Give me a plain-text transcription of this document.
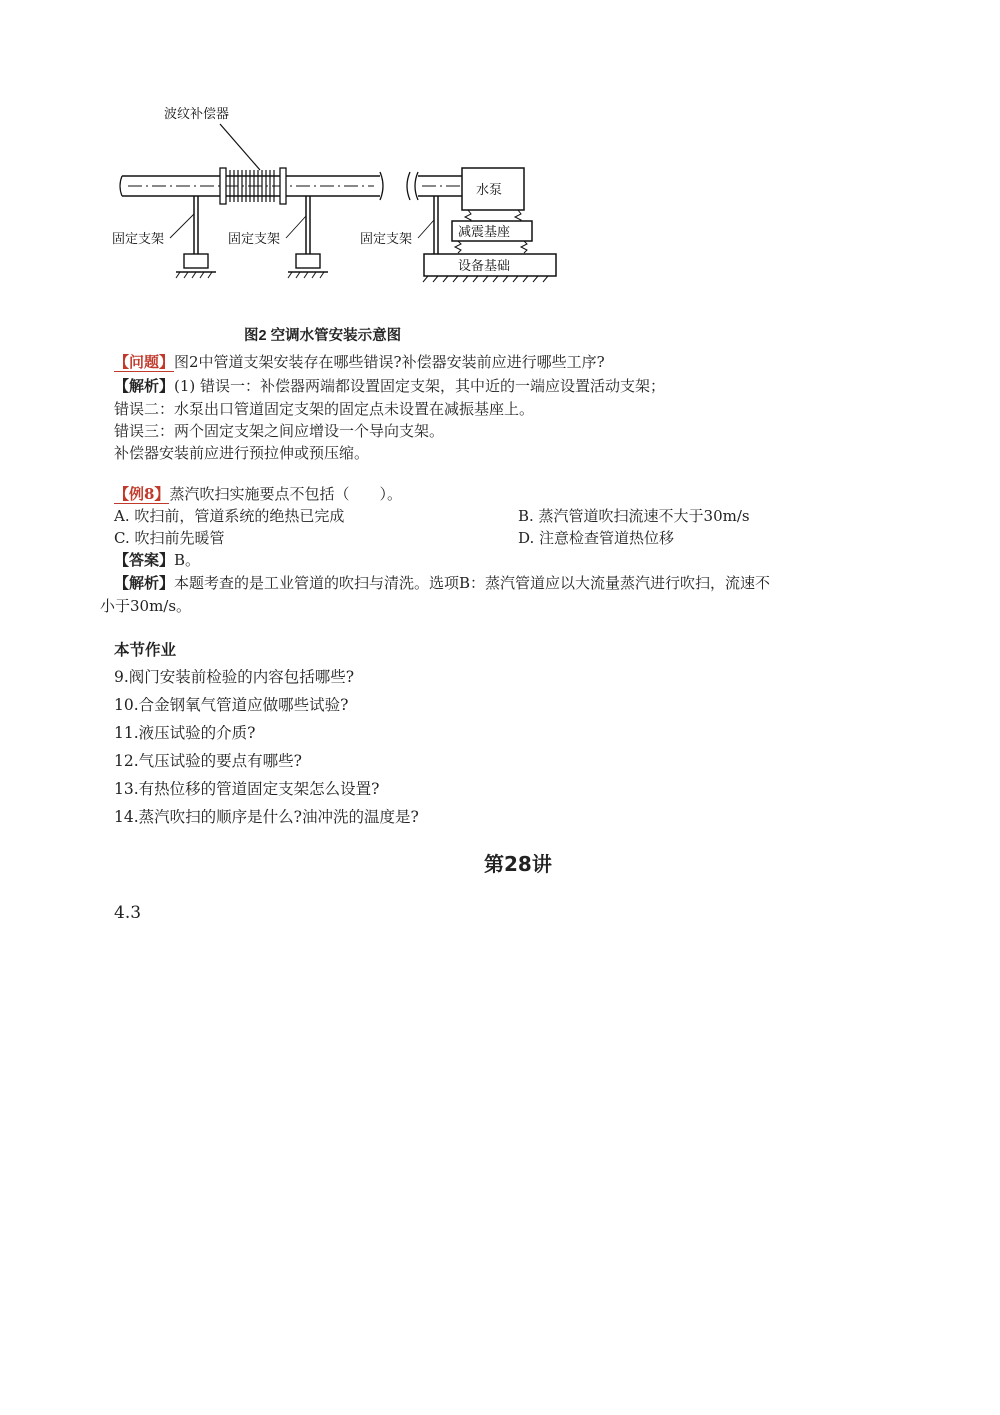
波纹补偿器
水泵
减震基座
设备基础
固定支架	固定支架	固定支架
图2 空调水管安装示意图
【问题】图2中管道支架安装存在哪些错误?补偿器安装前应进行哪些工序?
【解析】(1) 错误一：补偿器两端都设置固定支架，其中近的一端应设置活动支架；
错误二：水泵出口管道固定支架的固定点未设置在减振基座上。
错误三：两个固定支架之间应增设一个导向支架。
补偿器安装前应进行预拉伸或预压缩。
【例8】蒸汽吹扫实施要点不包括（　　）。
A. 吹扫前，管道系统的绝热已完成	B. 蒸汽管道吹扫流速不大于30m/s
C. 吹扫前先暖管	D. 注意检查管道热位移
【答案】B。
【解析】本题考查的是工业管道的吹扫与清洗。选项B：蒸汽管道应以大流量蒸汽进行吹扫，流速不
小于30m/s。
本节作业
9.阀门安装前检验的内容包括哪些?
10.合金钢氧气管道应做哪些试验?
11.液压试验的介质?
12.气压试验的要点有哪些?
13.有热位移的管道固定支架怎么设置?
14.蒸汽吹扫的顺序是什么?油冲洗的温度是?
第28讲
4.3
